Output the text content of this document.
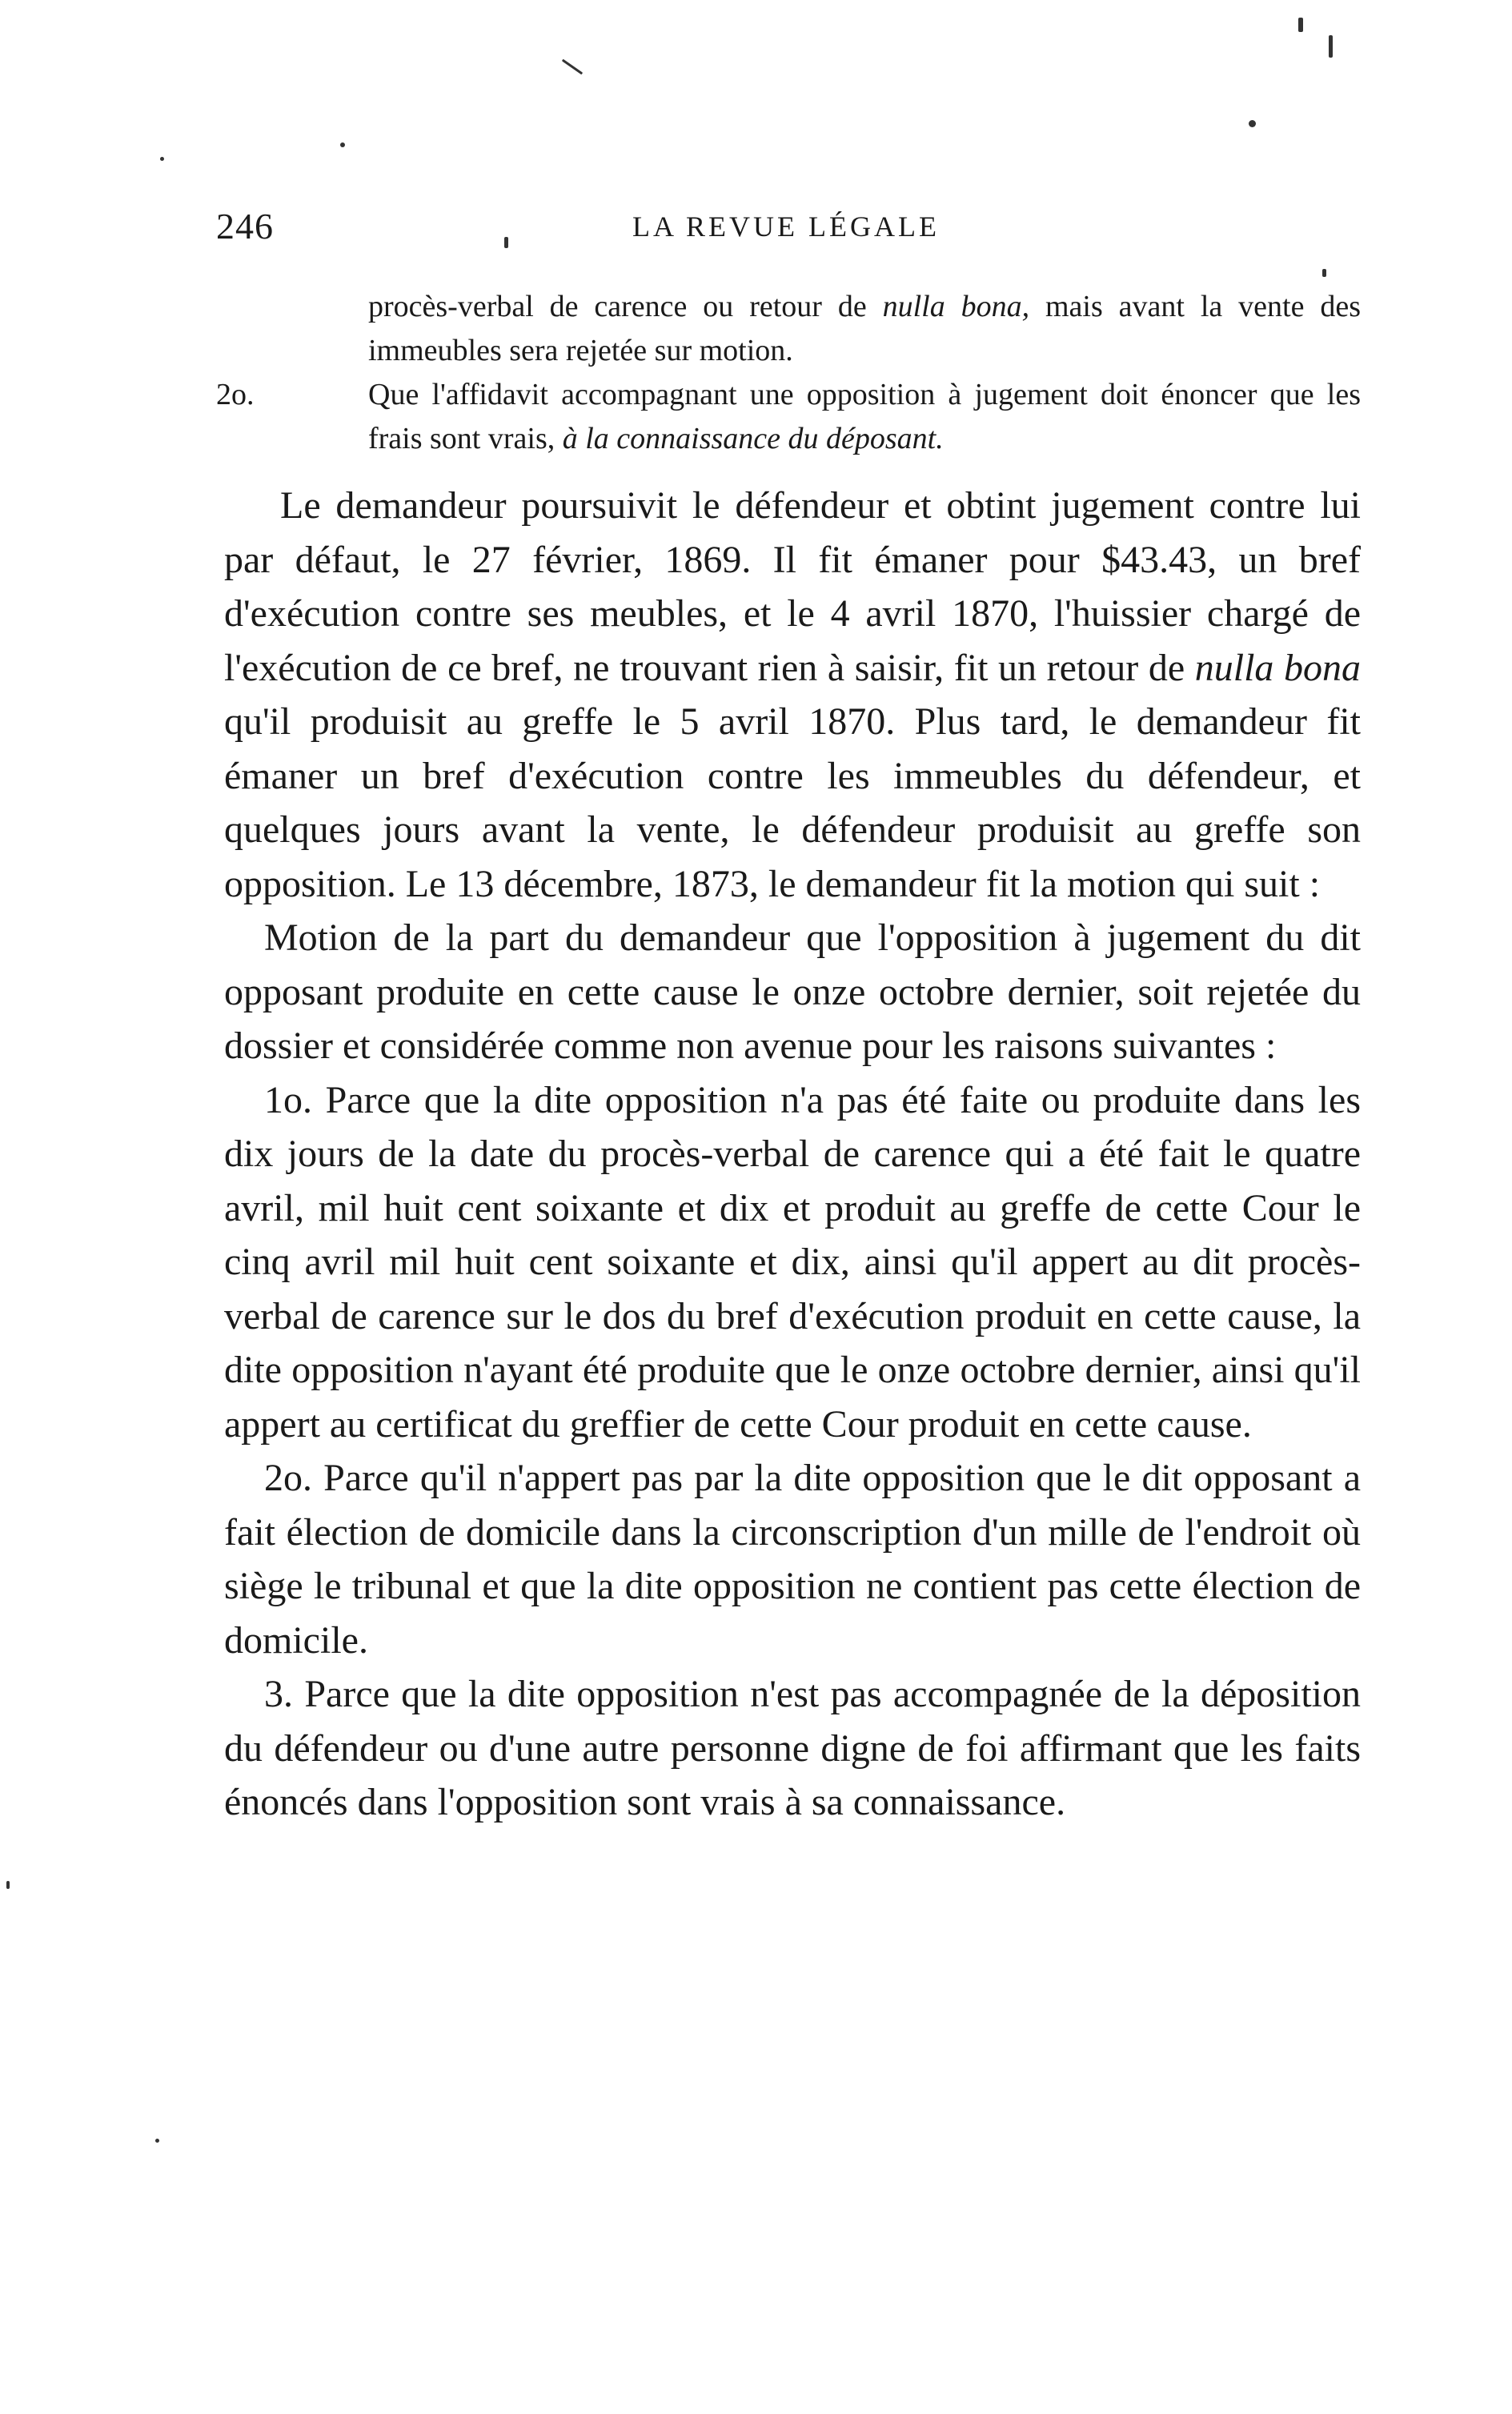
246	LA REVUE LÉGALE
procès-verbal de carence ou retour de nulla bona, mais avant la vente des immeubles sera rejetée sur motion.
2o.	Que l'affidavit accompagnant une opposition à jugement doit énoncer que les frais sont vrais, à la connaissance du déposant.

Le demandeur poursuivit le défendeur et obtint jugement contre lui par défaut, le 27 février, 1869. Il fit émaner pour $43.43, un bref d'exécution contre ses meubles, et le 4 avril 1870, l'huissier chargé de l'exécution de ce bref, ne trouvant rien à saisir, fit un retour de nulla bona qu'il produisit au greffe le 5 avril 1870. Plus tard, le demandeur fit émaner un bref d'exécution contre les immeubles du défendeur, et quelques jours avant la vente, le défendeur produisit au greffe son opposition. Le 13 décembre, 1873, le demandeur fit la motion qui suit :

Motion de la part du demandeur que l'opposition à jugement du dit opposant produite en cette cause le onze octobre dernier, soit rejetée du dossier et considérée comme non avenue pour les raisons suivantes :

1o. Parce que la dite opposition n'a pas été faite ou produite dans les dix jours de la date du procès-verbal de carence qui a été fait le quatre avril, mil huit cent soixante et dix et produit au greffe de cette Cour le cinq avril mil huit cent soixante et dix, ainsi qu'il appert au dit procès-verbal de carence sur le dos du bref d'exécution produit en cette cause, la dite opposition n'ayant été produite que le onze octobre dernier, ainsi qu'il appert au certificat du greffier de cette Cour produit en cette cause.

2o. Parce qu'il n'appert pas par la dite opposition que le dit opposant a fait élection de domicile dans la circonscription d'un mille de l'endroit où siège le tribunal et que la dite opposition ne contient pas cette élection de domicile.

3. Parce que la dite opposition n'est pas accompagnée de la déposition du défendeur ou d'une autre personne digne de foi affirmant que les faits énoncés dans l'opposition sont vrais à sa connaissance.
